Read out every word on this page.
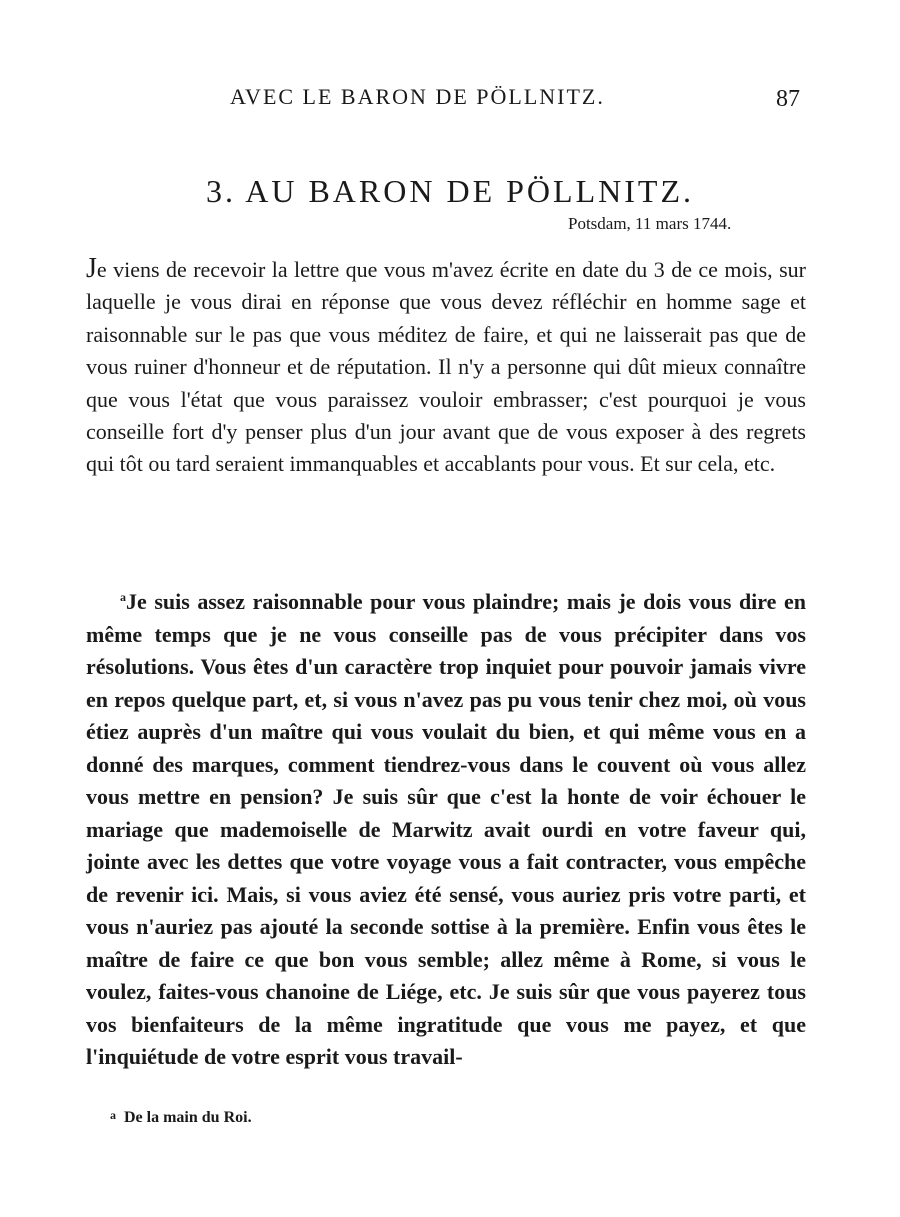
AVEC LE BARON DE PÖLLNITZ.	87
3. AU BARON DE PÖLLNITZ.
Potsdam, 11 mars 1744.

Je viens de recevoir la lettre que vous m'avez écrite en date du 3 de ce mois, sur laquelle je vous dirai en réponse que vous devez réfléchir en homme sage et raisonnable sur le pas que vous méditez de faire, et qui ne laisserait pas que de vous ruiner d'honneur et de réputation. Il n'y a personne qui dût mieux connaître que vous l'état que vous paraissez vouloir embrasser; c'est pourquoi je vous conseille fort d'y penser plus d'un jour avant que de vous exposer à des regrets qui tôt ou tard seraient immanquables et accablants pour vous. Et sur cela, etc.

$^a$Je suis assez raisonnable pour vous plaindre; mais je dois vous dire en même temps que je ne vous conseille pas de vous précipiter dans vos résolutions. Vous êtes d'un caractère trop inquiet pour pouvoir jamais vivre en repos quelque part, et, si vous n'avez pas pu vous tenir chez moi, où vous étiez auprès d'un maître qui vous voulait du bien, et qui même vous en a donné des marques, comment tiendrez-vous dans le couvent où vous allez vous mettre en pension? Je suis sûr que c'est la honte de voir échouer le mariage que mademoiselle de Marwitz avait ourdi en votre faveur qui, jointe avec les dettes que votre voyage vous a fait contracter, vous empêche de revenir ici. Mais, si vous aviez été sensé, vous auriez pris votre parti, et vous n'auriez pas ajouté la seconde sottise à la première. Enfin vous êtes le maître de faire ce que bon vous semble; allez même à Rome, si vous le voulez, faites-vous chanoine de Liége, etc. Je suis sûr que vous payerez tous vos bienfaiteurs de la même ingratitude que vous me payez, et que l'inquiétude de votre esprit vous travail-

a De la main du Roi.
